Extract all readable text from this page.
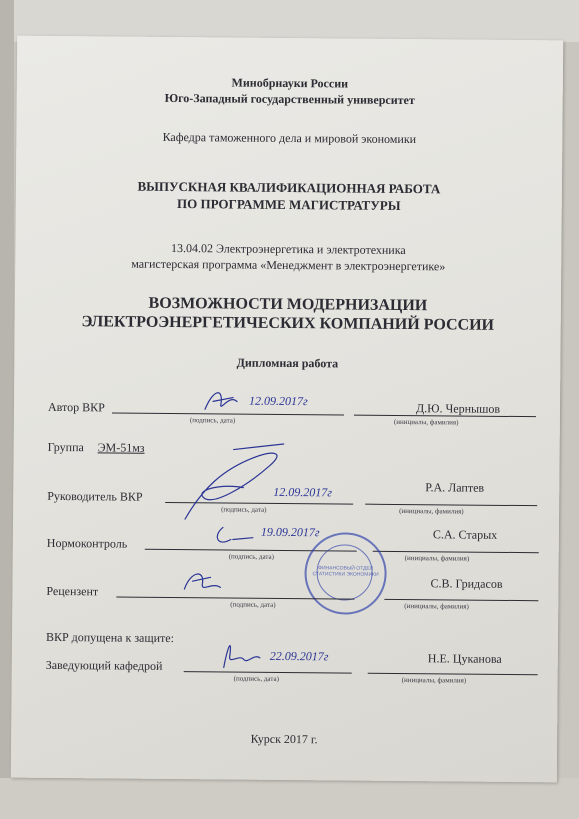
Минобрнауки России
Юго-Западный государственный университет
Кафедра таможенного дела и мировой экономики
ВЫПУСКНАЯ КВАЛИФИКАЦИОННАЯ РАБОТА
ПО ПРОГРАММЕ МАГИСТРАТУРЫ
13.04.02 Электроэнергетика и электротехника
магистерская программа «Менеджмент в электроэнергетике»
ВОЗМОЖНОСТИ МОДЕРНИЗАЦИИ
ЭЛЕКТРОЭНЕРГЕТИЧЕСКИХ КОМПАНИЙ РОССИИ
Дипломная работа
Автор ВКР
(подпись, дата)
Д.Ю. Чернышов
(инициалы, фамилия)
12.09.2017г
Группа ЭМ-51мз
Руководитель ВКР
(подпись, дата)
Р.А. Лаптев
(инициалы, фамилия)
12.09.2017г
Нормоконтроль
(подпись, дата)
С.А. Старых
(инициалы, фамилия)
19.09.2017г
ФИНАНСОВЫЙ ОТДЕЛ СТАТИСТИКИ ЭКОНОМИКИ
Рецензент
(подпись, дата)
С.В. Гридасов
(инициалы, фамилия)
ВКР допущена к защите:
Заведующий кафедрой
(подпись, дата)
Н.Е. Цуканова
(инициалы, фамилия)
22.09.2017г
Курск 2017 г.
